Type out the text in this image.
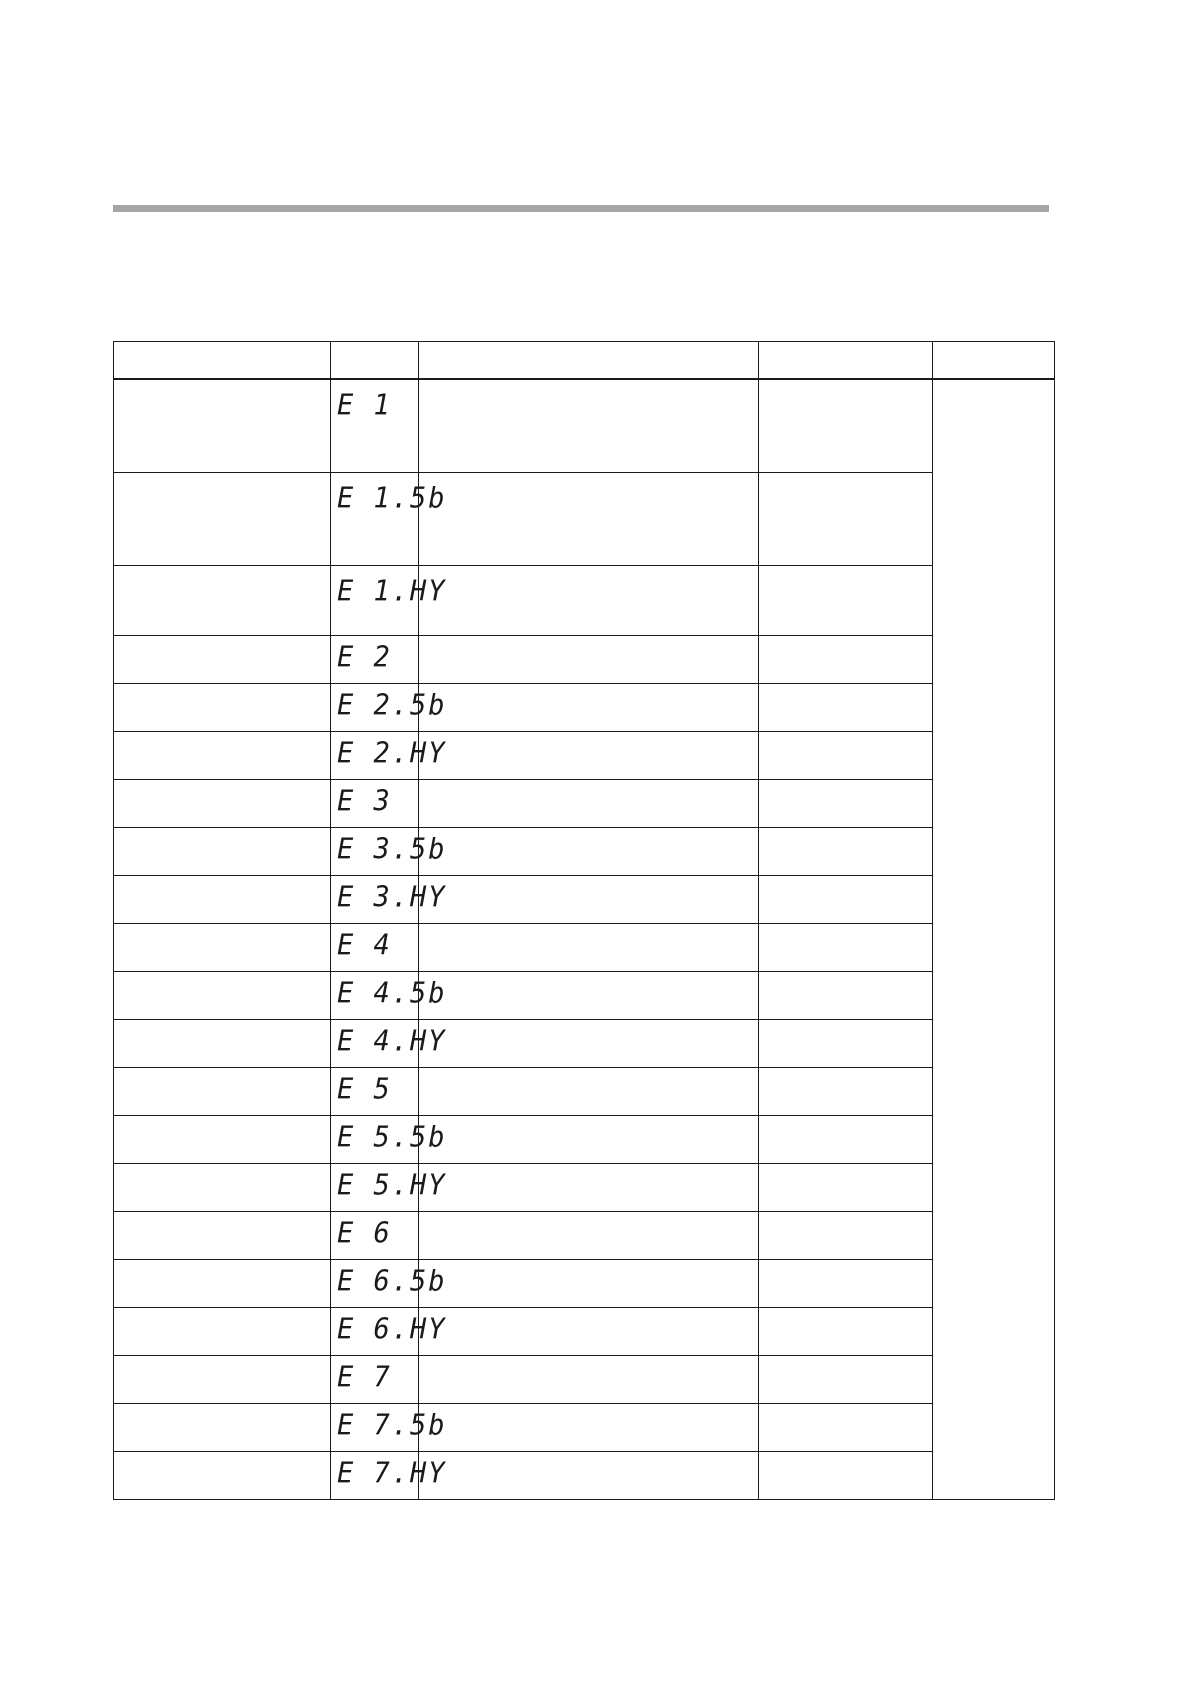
	E 1			

	E 1.5b			

	E 1.HY			

	E 2			

	E 2.5b			

	E 2.HY			

	E 3			

	E 3.5b			

	E 3.HY			

	E 4			

	E 4.5b			

	E 4.HY			

	E 5			

	E 5.5b			

	E 5.HY			

	E 6			

	E 6.5b			

	E 6.HY			

	E 7			

	E 7.5b			

	E 7.HY			
